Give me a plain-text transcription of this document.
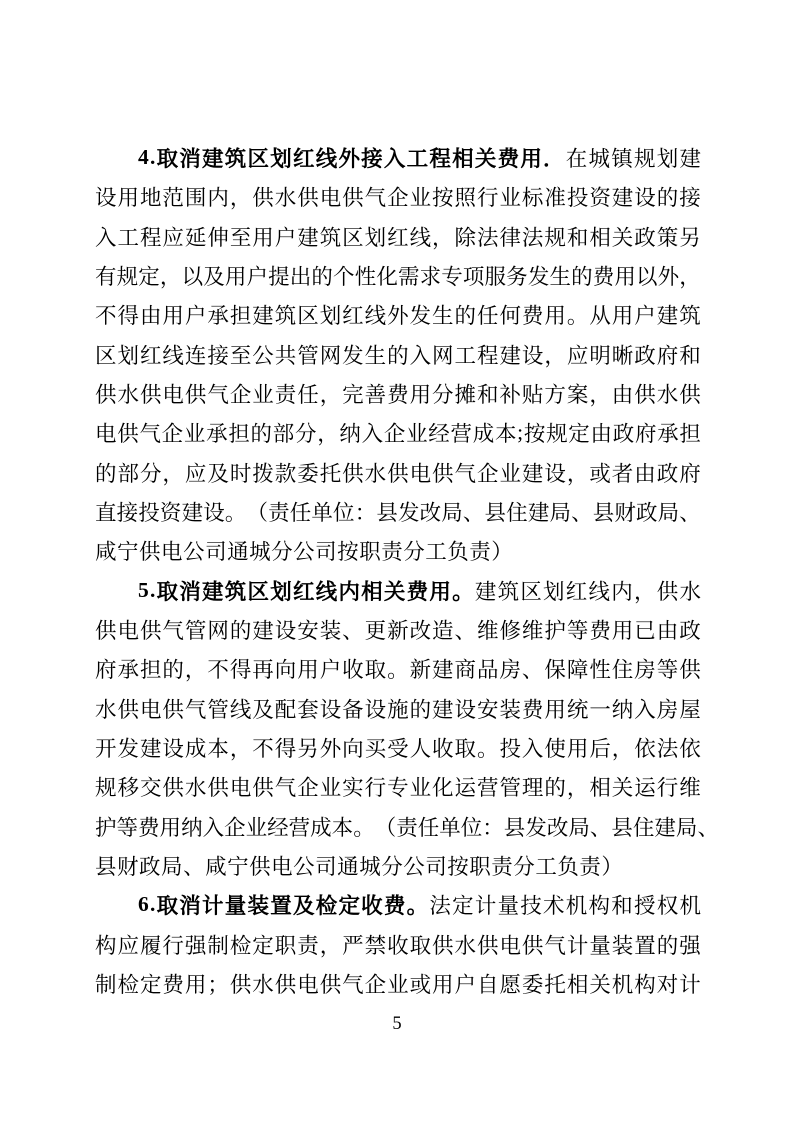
4 . 取 消 建 筑 区 划 红 线 外 接 入 工 程 相 关 费 用 ． 在 城 镇 规 划 建
设 用 地 范 围 内 ， 供 水 供 电 供 气 企 业 按 照 行 业 标 准 投 资 建 设 的 接
入 工 程 应 延 伸 至 用 户 建 筑 区 划 红 线 ， 除 法 律 法 规 和 相 关 政 策 另
有 规 定 ， 以 及 用 户 提 出 的 个 性 化 需 求 专 项 服 务 发 生 的 费 用 以 外 ，
不 得 由 用 户 承 担 建 筑 区 划 红 线 外 发 生 的 任 何 费 用 。 从 用 户 建 筑
区 划 红 线 连 接 至 公 共 管 网 发 生 的 入 网 工 程 建 设 ， 应 明 晰 政 府 和
供 水 供 电 供 气 企 业 责 任 ， 完 善 费 用 分 摊 和 补 贴 方 案 ， 由 供 水 供
电 供 气 企 业 承 担 的 部 分 ， 纳 入 企 业 经 营 成 本 ; 按 规 定 由 政 府 承 担
的 部 分 ， 应 及 时 拨 款 委 托 供 水 供 电 供 气 企 业 建 设 ， 或 者 由 政 府
直 接 投 资 建 设 。 （ 责 任 单 位 ： 县 发 改 局 、 县 住 建 局 、 县 财 政 局 、
咸 宁 供 电 公 司 通 城 分 公 司 按 职 责 分 工 负 责 ）
5 . 取 消 建 筑 区 划 红 线 内 相 关 费 用 。 建 筑 区 划 红 线 内 ， 供 水
供 电 供 气 管 网 的 建 设 安 装 、 更 新 改 造 、 维 修 维 护 等 费 用 已 由 政
府 承 担 的 ， 不 得 再 向 用 户 收 取 。 新 建 商 品 房 、 保 障 性 住 房 等 供
水 供 电 供 气 管 线 及 配 套 设 备 设 施 的 建 设 安 装 费 用 统 一 纳 入 房 屋
开 发 建 设 成 本 ， 不 得 另 外 向 买 受 人 收 取 。 投 入 使 用 后 ， 依 法 依
规 移 交 供 水 供 电 供 气 企 业 实 行 专 业 化 运 营 管 理 的 ， 相 关 运 行 维
护 等 费 用 纳 入 企 业 经 营 成 本 。 （ 责 任 单 位 ： 县 发 改 局 、 县 住 建 局 、
县 财 政 局 、 咸 宁 供 电 公 司 通 城 分 公 司 按 职 责 分 工 负 责 ）
6 . 取 消 计 量 装 置 及 检 定 收 费 。 法 定 计 量 技 术 机 构 和 授 权 机
构 应 履 行 强 制 检 定 职 责 ， 严 禁 收 取 供 水 供 电 供 气 计 量 装 置 的 强
制 检 定 费 用 ； 供 水 供 电 供 气 企 业 或 用 户 自 愿 委 托 相 关 机 构 对 计
5
